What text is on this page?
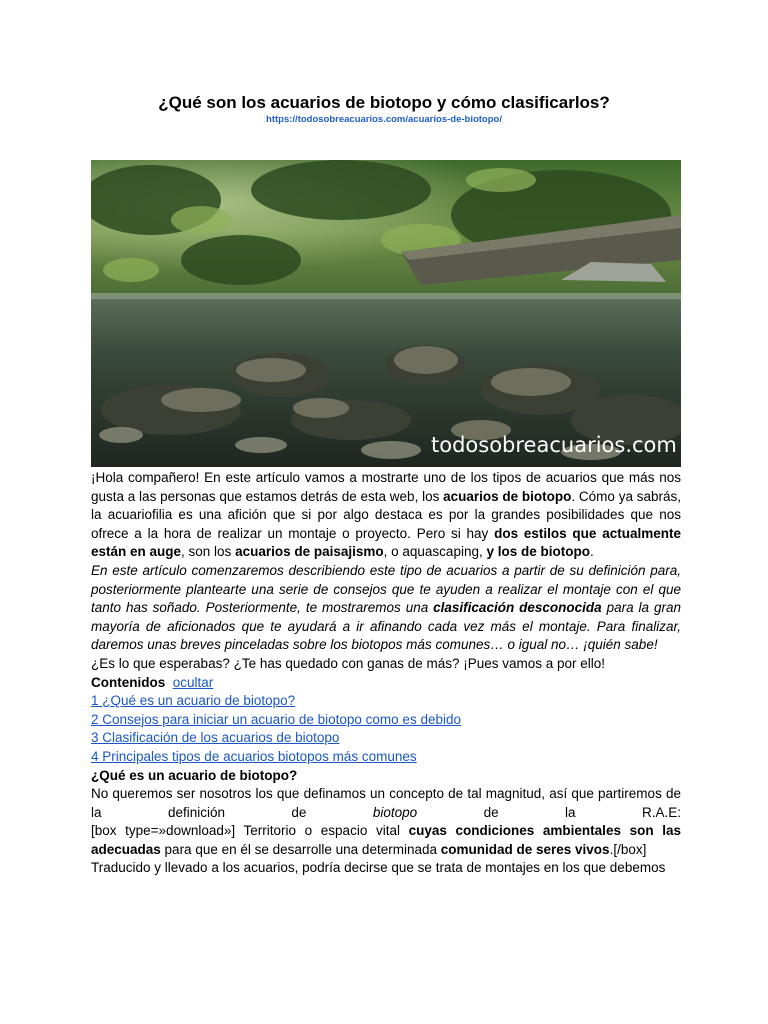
¿Qué son los acuarios de biotopo y cómo clasificarlos?
https://todosobreacuarios.com/acuarios-de-biotopo/
todosobreacuarios.com

¡Hola compañero! En este artículo vamos a mostrarte uno de los tipos de acuarios que más nos gusta a las personas que estamos detrás de esta web, los acuarios de biotopo. Cómo ya sabrás, la acuariofilia es una afición que si por algo destaca es por la grandes posibilidades que nos ofrece a la hora de realizar un montaje o proyecto. Pero si hay dos estilos que actualmente están en auge, son los acuarios de paisajismo, o aquascaping, y los de biotopo.

En este artículo comenzaremos describiendo este tipo de acuarios a partir de su definición para, posteriormente plantearte una serie de consejos que te ayuden a realizar el montaje con el que tanto has soñado. Posteriormente, te mostraremos una clasificación desconocida para la gran mayoría de aficionados que te ayudará a ir afinando cada vez más el montaje. Para finalizar, daremos unas breves pinceladas sobre los biotopos más comunes… o igual no… ¡quién sabe!

¿Es lo que esperabas? ¿Te has quedado con ganas de más? ¡Pues vamos a por ello!

Contenidos ocultar

1 ¿Qué es un acuario de biotopo?

2 Consejos para iniciar un acuario de biotopo como es debido

3 Clasificación de los acuarios de biotopo

4 Principales tipos de acuarios biotopos más comunes

¿Qué es un acuario de biotopo?

No queremos ser nosotros los que definamos un concepto de tal magnitud, así que partiremos de la definición de biotopo de la R.A.E:

[box type=»download»] Territorio o espacio vital cuyas condiciones ambientales son las adecuadas para que en él se desarrolle una determinada comunidad de seres vivos.[/box]

Traducido y llevado a los acuarios, podría decirse que se trata de montajes en los que debemos
